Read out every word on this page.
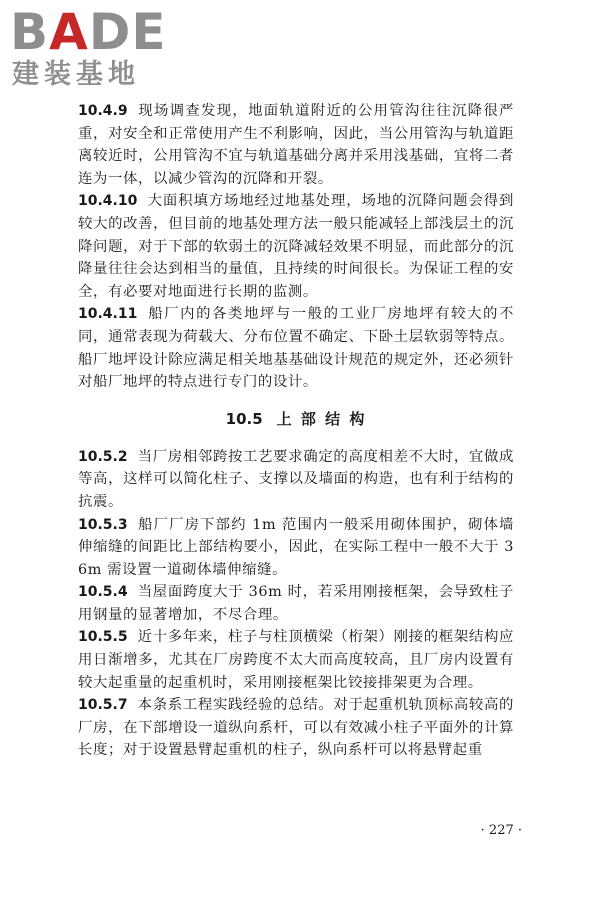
BADE
建装基地

10.4.9 现场调查发现，地面轨道附近的公用管沟往往沉降很严重，对安全和正常使用产生不利影响，因此，当公用管沟与轨道距离较近时，公用管沟不宜与轨道基础分离并采用浅基础，宜将二者连为一体，以减少管沟的沉降和开裂。

10.4.10 大面积填方场地经过地基处理，场地的沉降问题会得到较大的改善，但目前的地基处理方法一般只能减轻上部浅层土的沉降问题，对于下部的软弱土的沉降减轻效果不明显，而此部分的沉降量往往会达到相当的量值，且持续的时间很长。为保证工程的安全，有必要对地面进行长期的监测。

10.4.11 船厂内的各类地坪与一般的工业厂房地坪有较大的不同，通常表现为荷载大、分布位置不确定、下卧土层软弱等特点。船厂地坪设计除应满足相关地基基础设计规范的规定外，还必须针对船厂地坪的特点进行专门的设计。

10.5 上 部 结 构

10.5.2 当厂房相邻跨按工艺要求确定的高度相差不大时，宜做成等高，这样可以简化柱子、支撑以及墙面的构造，也有利于结构的抗震。

10.5.3 船厂厂房下部约 1m 范围内一般采用砌体围护，砌体墙伸缩缝的间距比上部结构要小，因此，在实际工程中一般不大于 36m 需设置一道砌体墙伸缩缝。

10.5.4 当屋面跨度大于 36m 时，若采用刚接框架，会导致柱子用钢量的显著增加，不尽合理。

10.5.5 近十多年来，柱子与柱顶横梁（桁架）刚接的框架结构应用日渐增多，尤其在厂房跨度不太大而高度较高，且厂房内设置有较大起重量的起重机时，采用刚接框架比铰接排架更为合理。

10.5.7 本条系工程实践经验的总结。对于起重机轨顶标高较高的厂房，在下部增设一道纵向系杆，可以有效减小柱子平面外的计算长度；对于设置悬臂起重机的柱子，纵向系杆可以将悬臂起重

· 227 ·
